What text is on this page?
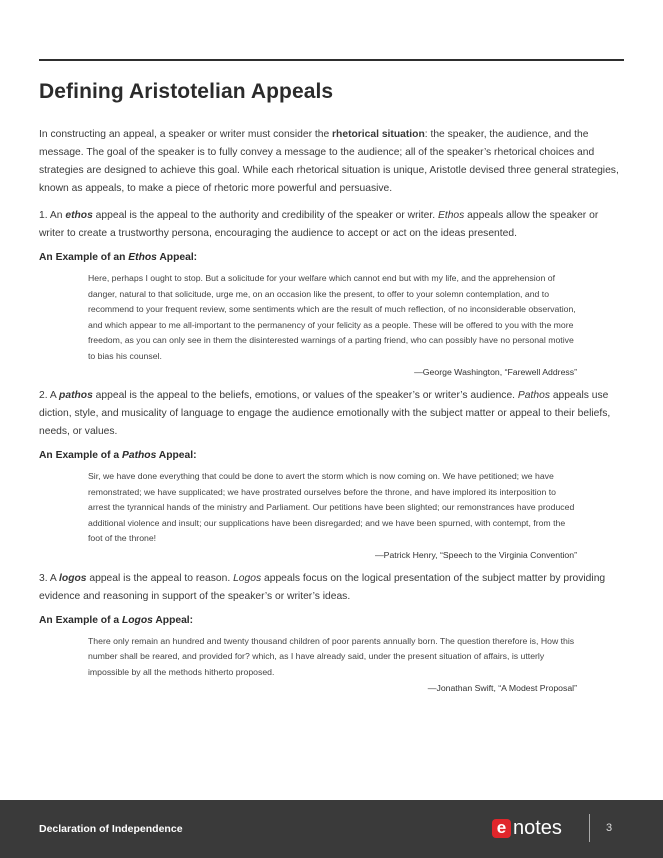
Defining Aristotelian Appeals

In constructing an appeal, a speaker or writer must consider the rhetorical situation: the speaker, the audience, and the message. The goal of the speaker is to fully convey a message to the audience; all of the speaker’s rhetorical choices and strategies are designed to achieve this goal. While each rhetorical situation is unique, Aristotle devised three general strategies, known as appeals, to make a piece of rhetoric more powerful and persuasive.

1. An ethos appeal is the appeal to the authority and credibility of the speaker or writer. Ethos appeals allow the speaker or writer to create a trustworthy persona, encouraging the audience to accept or act on the ideas presented.

An Example of an Ethos Appeal:

Here, perhaps I ought to stop. But a solicitude for your welfare which cannot end but with my life, and the apprehension of danger, natural to that solicitude, urge me, on an occasion like the present, to offer to your solemn contemplation, and to recommend to your frequent review, some sentiments which are the result of much reflection, of no inconsiderable observation, and which appear to me all-important to the permanency of your felicity as a people. These will be offered to you with the more freedom, as you can only see in them the disinterested warnings of a parting friend, who can possibly have no personal motive to bias his counsel.

—George Washington, “Farewell Address”

2. A pathos appeal is the appeal to the beliefs, emotions, or values of the speaker’s or writer’s audience. Pathos appeals use diction, style, and musicality of language to engage the audience emotionally with the subject matter or appeal to their beliefs, needs, or values.

An Example of a Pathos Appeal:

Sir, we have done everything that could be done to avert the storm which is now coming on. We have petitioned; we have remonstrated; we have supplicated; we have prostrated ourselves before the throne, and have implored its interposition to arrest the tyrannical hands of the ministry and Parliament. Our petitions have been slighted; our remonstrances have produced additional violence and insult; our supplications have been disregarded; and we have been spurned, with contempt, from the foot of the throne!

—Patrick Henry, “Speech to the Virginia Convention”

3. A logos appeal is the appeal to reason. Logos appeals focus on the logical presentation of the subject matter by providing evidence and reasoning in support of the speaker’s or writer’s ideas.

An Example of a Logos Appeal:

There only remain an hundred and twenty thousand children of poor parents annually born. The question therefore is, How this number shall be reared, and provided for? which, as I have already said, under the present situation of affairs, is utterly impossible by all the methods hitherto proposed.

—Jonathan Swift, “A Modest Proposal”

Declaration of Independence	e notes	3
